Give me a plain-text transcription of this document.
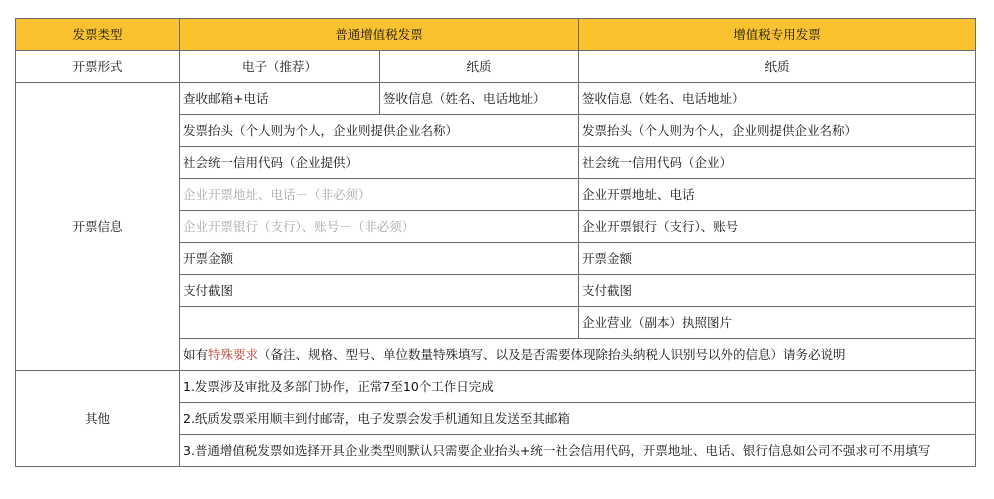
发票类型	普通增值税发票		增值税专用发票
开票形式	电子（推荐）	纸质	纸质
开票信息	查收邮箱+电话	签收信息（姓名、电话地址）	签收信息（姓名、电话地址）
	发票抬头（个人则为个人，企业则提供企业名称）		发票抬头（个人则为个人，企业则提供企业名称）
	社会统一信用代码（企业提供）		社会统一信用代码（企业）
	企业开票地址、电话－（非必须）		企业开票地址、电话
	企业开票银行（支行）、账号－（非必须）		企业开票银行（支行）、账号
	开票金额		开票金额
	支付截图		支付截图
			企业营业（副本）执照图片
	如有特殊要求（备注、规格、型号、单位数量特殊填写、以及是否需要体现除抬头纳税人识别号以外的信息）请务必说明		
其他	1.发票涉及审批及多部门协作，正常7至10个工作日完成		
	2.纸质发票采用顺丰到付邮寄，电子发票会发手机通知且发送至其邮箱		
	3.普通增值税发票如选择开具企业类型则默认只需要企业抬头+统一社会信用代码，开票地址、电话、银行信息如公司不强求可不用填写		
